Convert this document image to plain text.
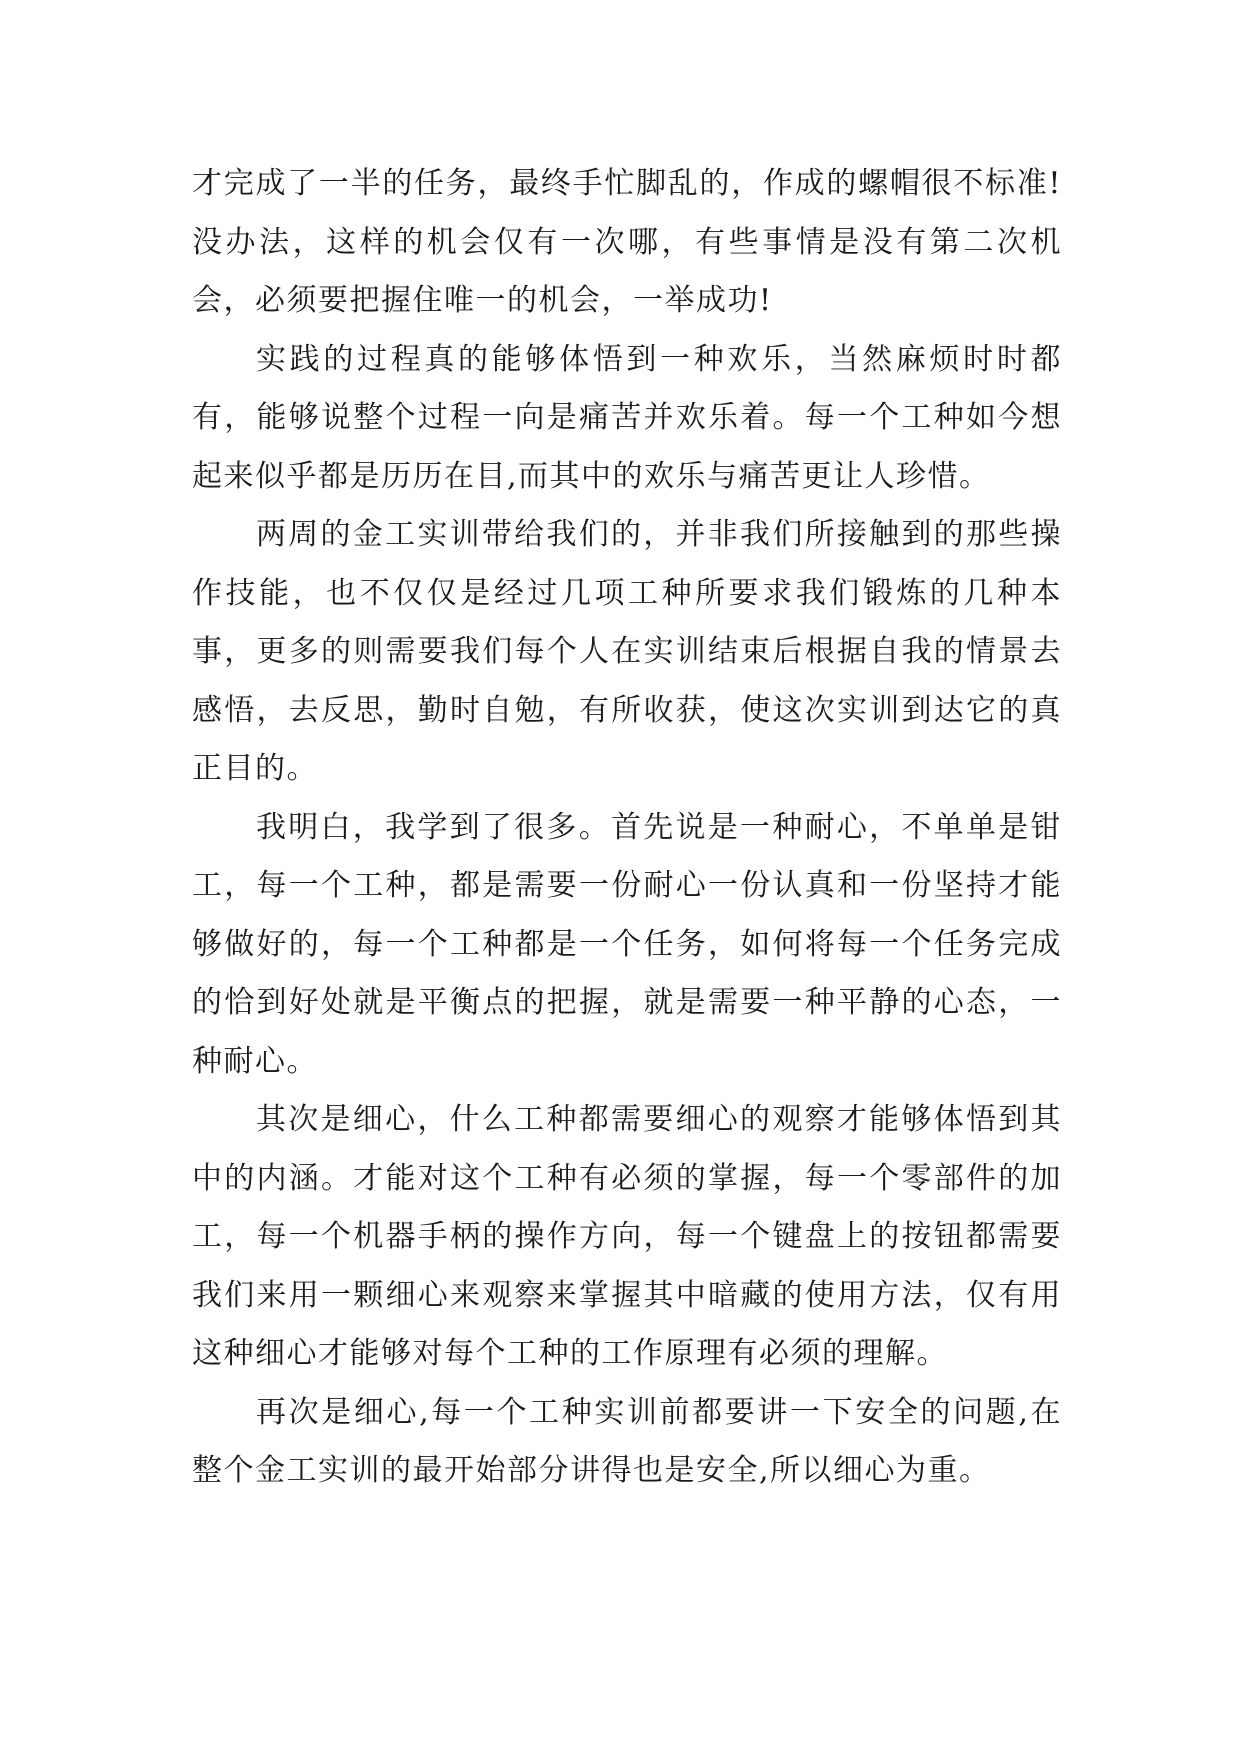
才完成了一半的任务，最终手忙脚乱的，作成的螺帽很不标准!没办法，这样的机会仅有一次哪，有些事情是没有第二次机会，必须要把握住唯一的机会，一举成功!

实践的过程真的能够体悟到一种欢乐，当然麻烦时时都有，能够说整个过程一向是痛苦并欢乐着。每一个工种如今想起来似乎都是历历在目,而其中的欢乐与痛苦更让人珍惜。

两周的金工实训带给我们的，并非我们所接触到的那些操作技能，也不仅仅是经过几项工种所要求我们锻炼的几种本事，更多的则需要我们每个人在实训结束后根据自我的情景去感悟，去反思，勤时自勉，有所收获，使这次实训到达它的真正目的。

我明白，我学到了很多。首先说是一种耐心，不单单是钳工，每一个工种，都是需要一份耐心一份认真和一份坚持才能够做好的，每一个工种都是一个任务，如何将每一个任务完成的恰到好处就是平衡点的把握，就是需要一种平静的心态，一种耐心。

其次是细心，什么工种都需要细心的观察才能够体悟到其中的内涵。才能对这个工种有必须的掌握，每一个零部件的加工，每一个机器手柄的操作方向，每一个键盘上的按钮都需要我们来用一颗细心来观察来掌握其中暗藏的使用方法，仅有用这种细心才能够对每个工种的工作原理有必须的理解。

再次是细心,每一个工种实训前都要讲一下安全的问题,在整个金工实训的最开始部分讲得也是安全,所以细心为重。
